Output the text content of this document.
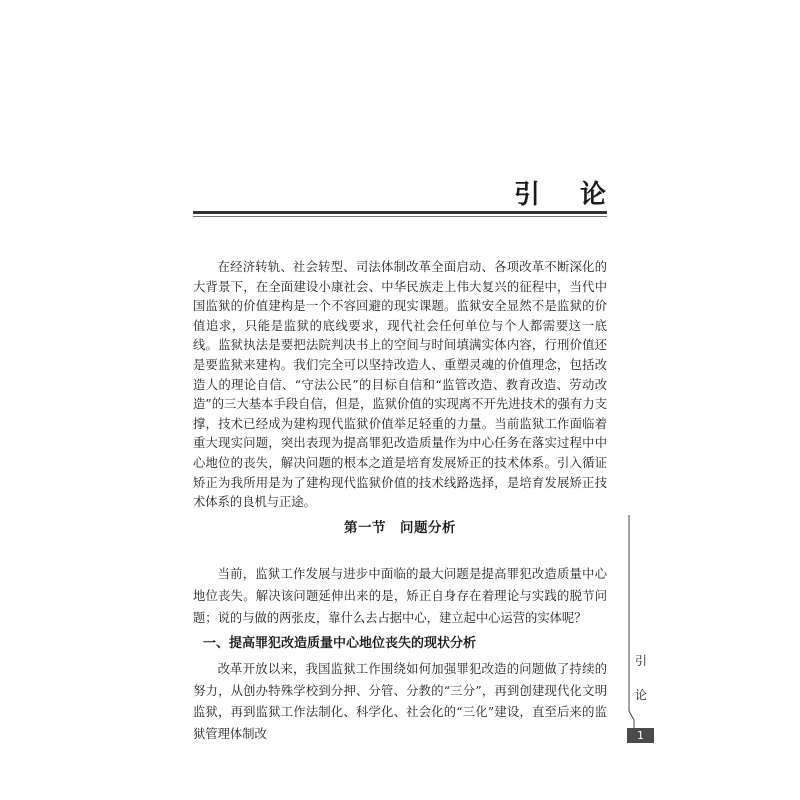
引 论

在经济转轨、社会转型、司法体制改革全面启动、各项改革不断深化的大背景下，在全面建设小康社会、中华民族走上伟大复兴的征程中，当代中国监狱的价值建构是一个不容回避的现实课题。监狱安全显然不是监狱的价值追求，只能是监狱的底线要求，现代社会任何单位与个人都需要这一底线。监狱执法是要把法院判决书上的空间与时间填满实体内容，行刑价值还是要监狱来建构。我们完全可以坚持改造人、重塑灵魂的价值理念，包括改造人的理论自信、“守法公民”的目标自信和“监管改造、教育改造、劳动改造”的三大基本手段自信，但是，监狱价值的实现离不开先进技术的强有力支撑，技术已经成为建构现代监狱价值举足轻重的力量。当前监狱工作面临着重大现实问题，突出表现为提高罪犯改造质量作为中心任务在落实过程中中心地位的丧失，解决问题的根本之道是培育发展矫正的技术体系。引入循证矫正为我所用是为了建构现代监狱价值的技术线路选择，是培育发展矫正技术体系的良机与正途。

第一节 问题分析

当前，监狱工作发展与进步中面临的最大问题是提高罪犯改造质量中心地位丧失。解决该问题延伸出来的是，矫正自身存在着理论与实践的脱节问题；说的与做的两张皮，靠什么去占据中心，建立起中心运营的实体呢？

一、提高罪犯改造质量中心地位丧失的现状分析

改革开放以来，我国监狱工作围绕如何加强罪犯改造的问题做了持续的努力，从创办特殊学校到分押、分管、分教的“三分”，再到创建现代化文明监狱，再到监狱工作法制化、科学化、社会化的“三化”建设，直至后来的监狱管理体制改

引
论
1
